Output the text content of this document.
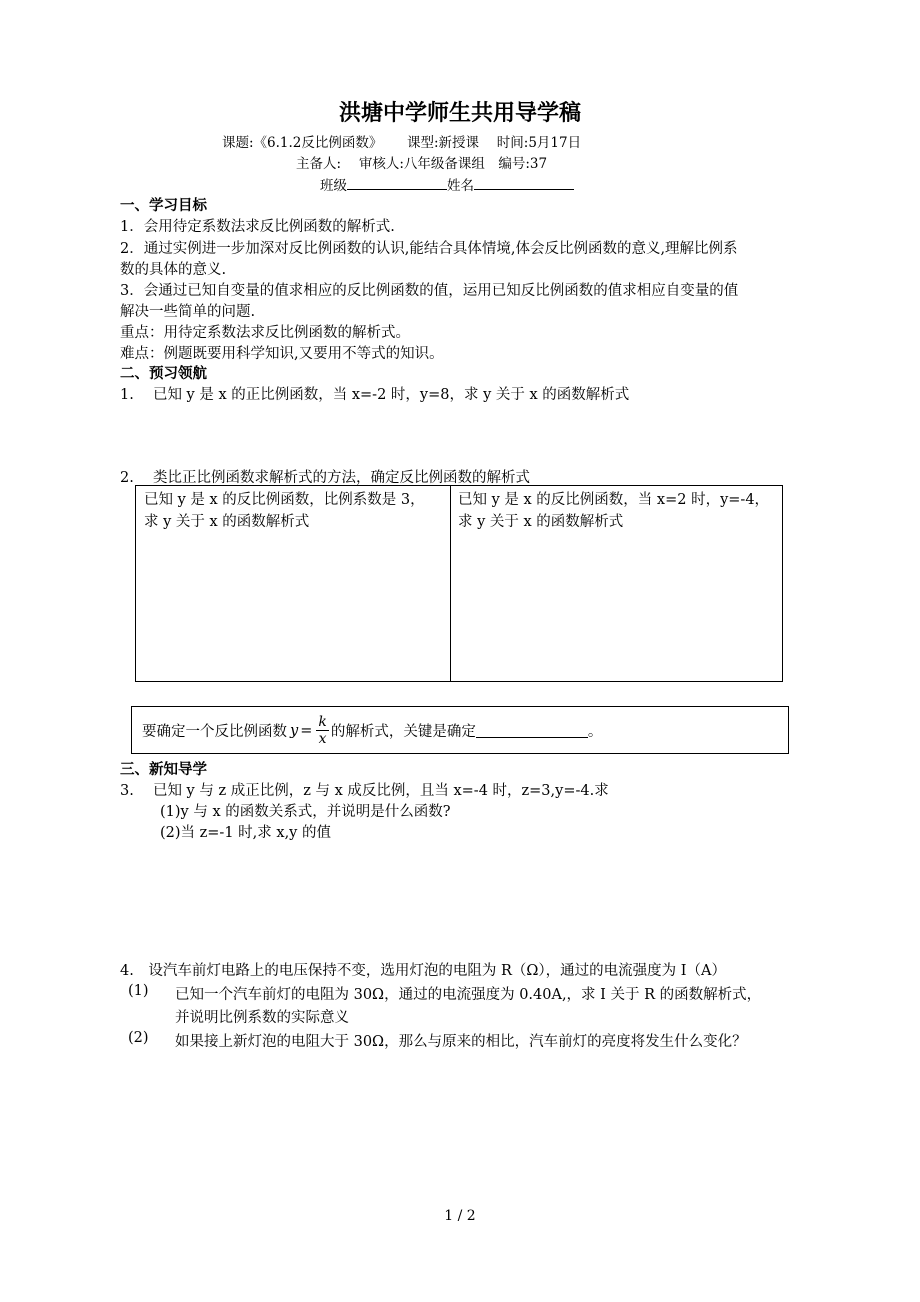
洪塘中学师生共用导学稿
课题:《6.1.2反比例函数》　　 课型:新授课　 时间:5月17日
主备人:　 审核人:八年级备课组　编号:37
班级	姓名
一、学习目标
1．会用待定系数法求反比例函数的解析式.
2．通过实例进一步加深对反比例函数的认识,能结合具体情境,体会反比例函数的意义,理解比例系
数的具体的意义.
3．会通过已知自变量的值求相应的反比例函数的值，运用已知反比例函数的值求相应自变量的值
解决一些简单的问题.
重点：用待定系数法求反比例函数的解析式。
难点：例题既要用科学知识,又要用不等式的知识。
二、预习领航
1.　 已知 y 是 x 的正比例函数，当 x=-2 时，y=8，求 y 关于 x 的函数解析式
2.　 类比正比例函数求解析式的方法，确定反比例函数的解析式
已知 y 是 x 的反比例函数，比例系数是 3，
求 y 关于 x 的函数解析式
已知 y 是 x 的反比例函数，当 x=2 时，y=-4，
求 y 关于 x 的函数解析式
要确定一个反比例函数 $y = \frac{k}{x}$ 的解析式，关键是确定	。
三、新知导学
3.　 已知 y 与 z 成正比例，z 与 x 成反比例，且当 x=-4 时，z=3,y=-4.求
(1)y 与 x 的函数关系式，并说明是什么函数?
(2)当 z=-1 时,求 x,y 的值
4.　设汽车前灯电路上的电压保持不变，选用灯泡的电阻为 R（Ω），通过的电流强度为 I（A）
(1) 已知一个汽车前灯的电阻为 30Ω，通过的电流强度为 0.40A,，求 I 关于 R 的函数解析式，
并说明比例系数的实际意义
(2) 如果接上新灯泡的电阻大于 30Ω，那么与原来的相比，汽车前灯的亮度将发生什么变化？
1 / 2
